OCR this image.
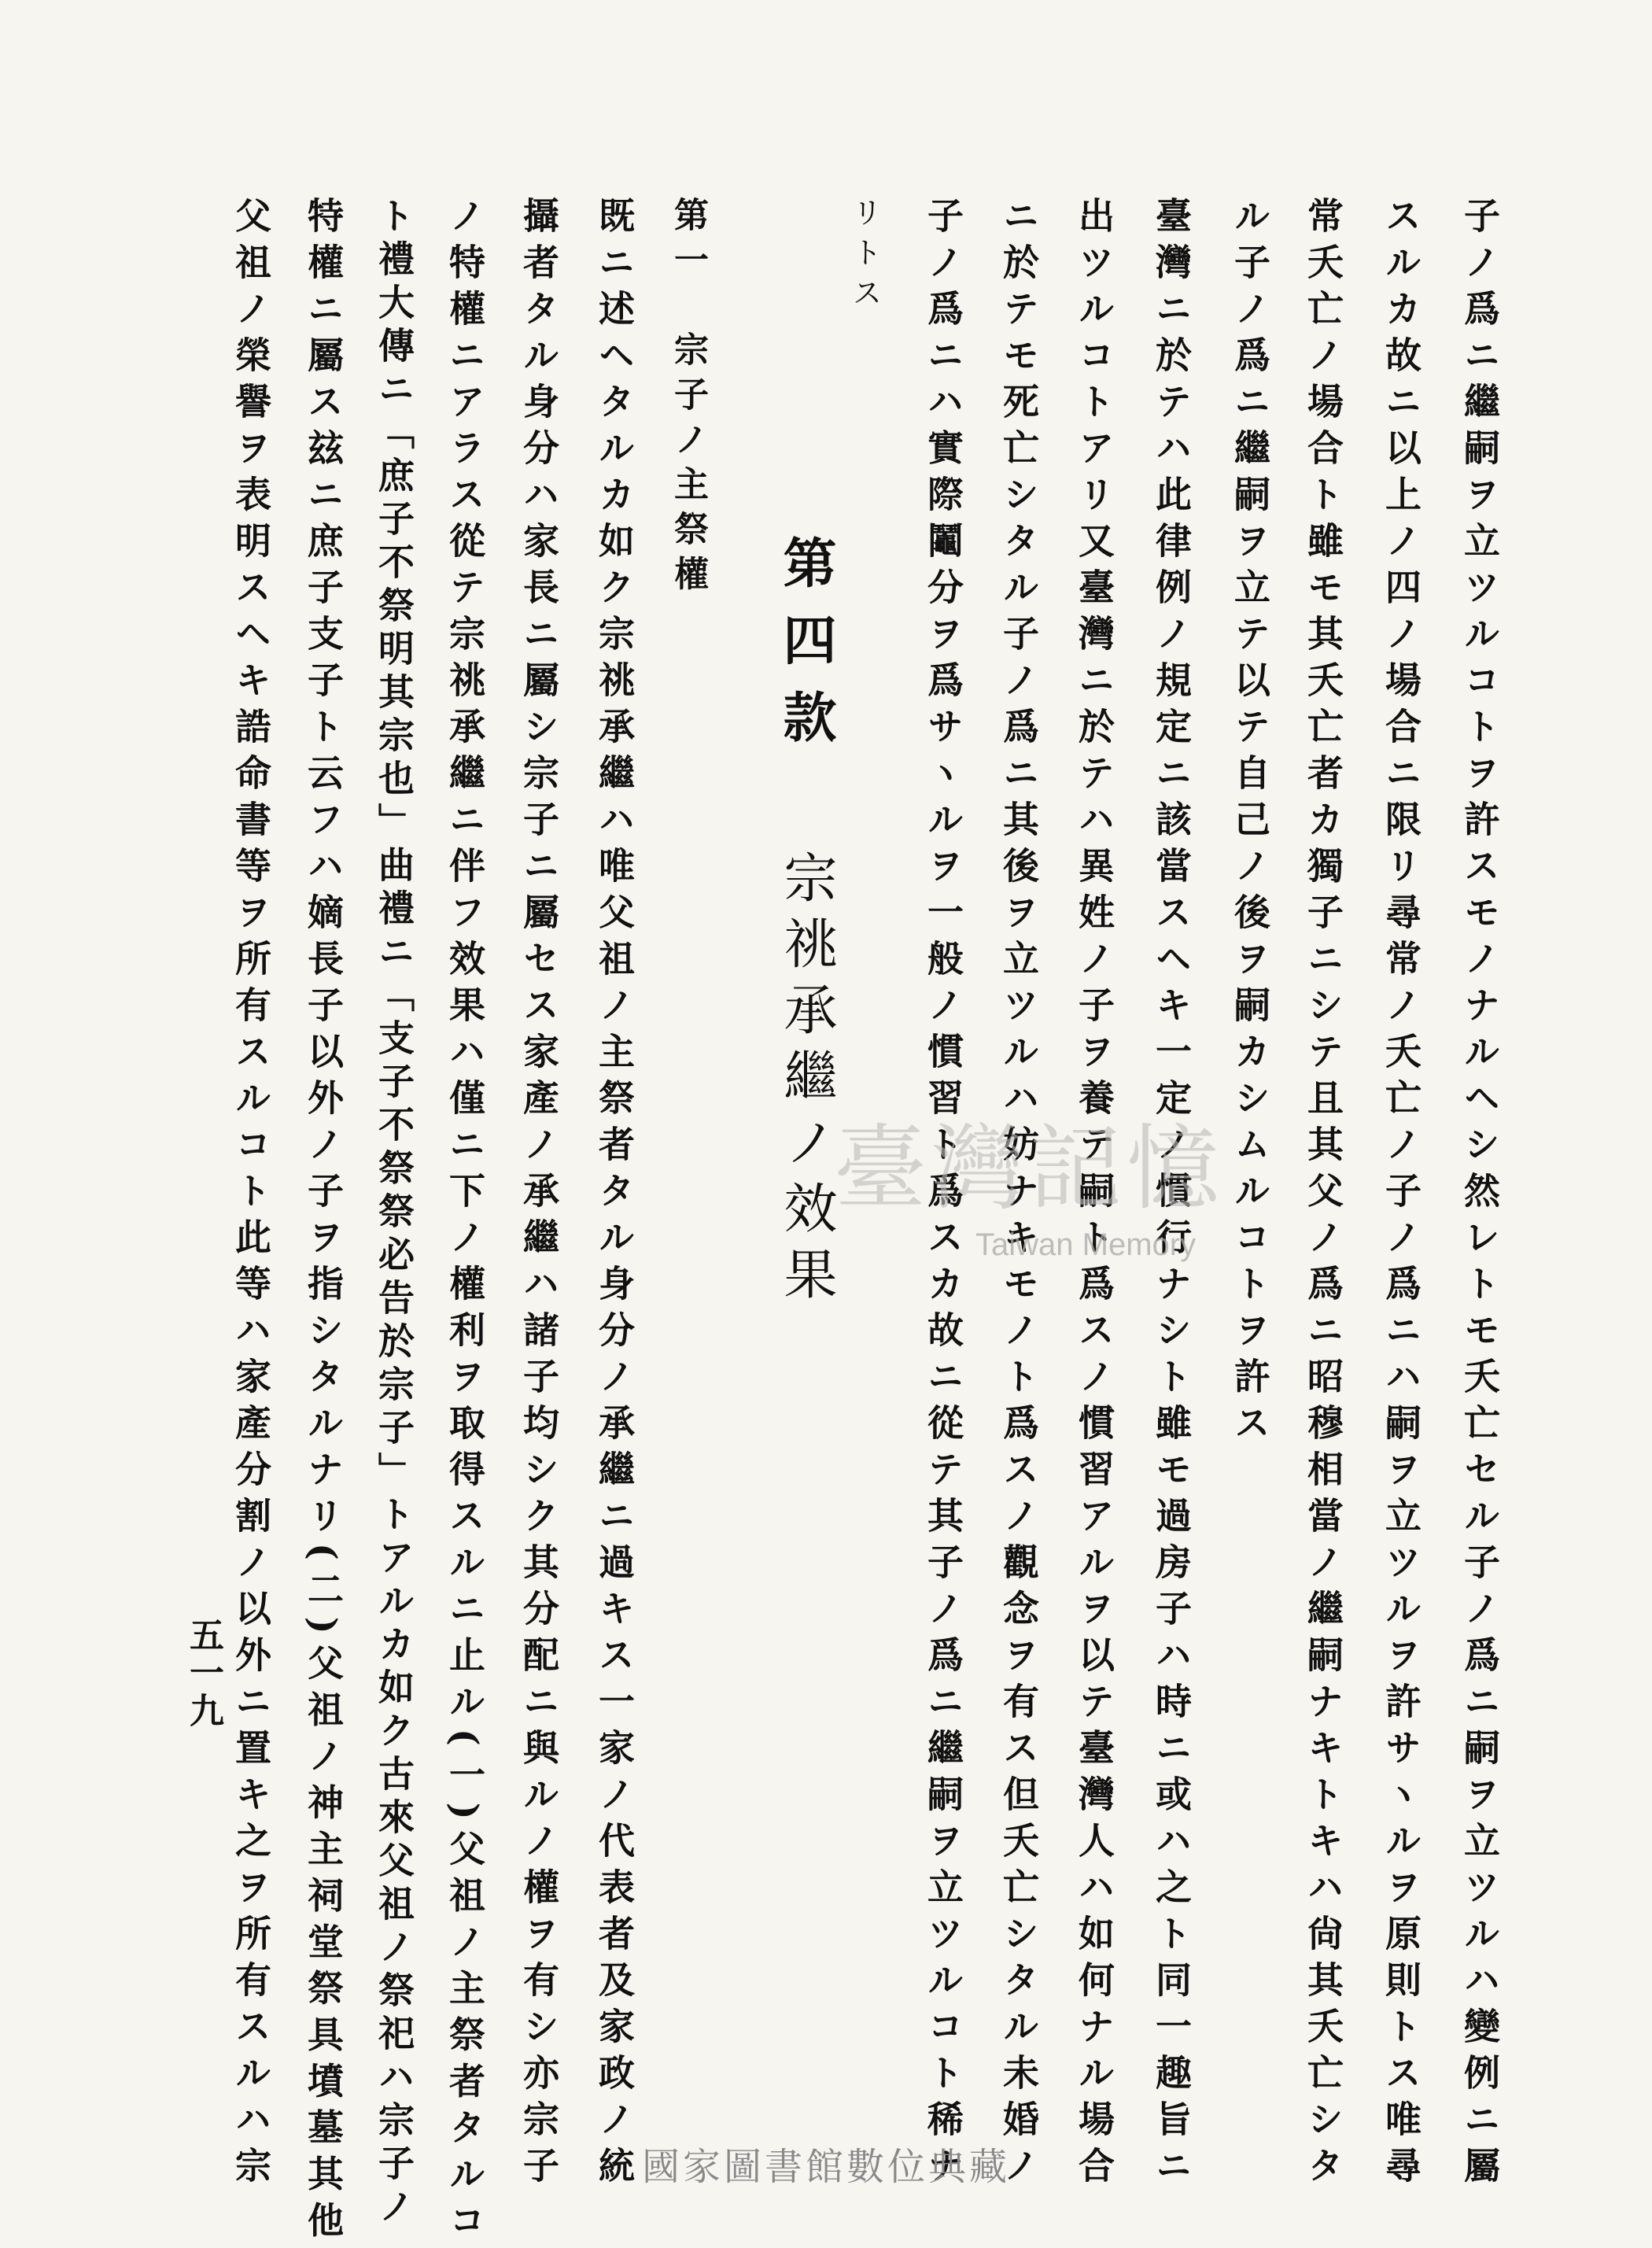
子ノ爲ニ繼嗣ヲ立ツルコトヲ許スモノナルヘシ然レトモ夭亡セル子ノ爲ニ嗣ヲ立ツルハ變例ニ屬
スルカ故ニ以上ノ四ノ場合ニ限リ尋常ノ夭亡ノ子ノ爲ニハ嗣ヲ立ツルヲ許サヽルヲ原則トス唯尋
常夭亡ノ場合ト雖モ其夭亡者カ獨子ニシテ且其父ノ爲ニ昭穆相當ノ繼嗣ナキトキハ尙其夭亡シタ
ル子ノ爲ニ繼嗣ヲ立テ以テ自己ノ後ヲ嗣カシムルコトヲ許ス
臺灣ニ於テハ此律例ノ規定ニ該當スヘキ一定ノ慣行ナシト雖モ過房子ハ時ニ或ハ之ト同一趣旨ニ
出ツルコトアリ又臺灣ニ於テハ異姓ノ子ヲ養テ嗣ト爲スノ慣習アルヲ以テ臺灣人ハ如何ナル場合
ニ於テモ死亡シタル子ノ爲ニ其後ヲ立ツルハ妨ナキモノト爲スノ觀念ヲ有ス但夭亡シタル未婚ノ
子ノ爲ニハ實際鬮分ヲ爲サヽルヲ一般ノ慣習ト爲スカ故ニ從テ其子ノ爲ニ繼嗣ヲ立ツルコト稀ナ
リトス
第四款
宗祧承繼ノ效果
第一　宗子ノ主祭權
既ニ述ヘタルカ如ク宗祧承繼ハ唯父祖ノ主祭者タル身分ノ承繼ニ過キス一家ノ代表者及家政ノ統
攝者タル身分ハ家長ニ屬シ宗子ニ屬セス家產ノ承繼ハ諸子均シク其分配ニ與ルノ權ヲ有シ亦宗子
ノ特權ニアラス從テ宗祧承繼ニ伴フ效果ハ僅ニ下ノ權利ヲ取得スルニ止ル(一)父祖ノ主祭者タルコ
ト禮大傳ニ「庶子不祭明其宗也」曲禮ニ「支子不祭祭必告於宗子」トアルカ如ク古來父祖ノ祭祀ハ宗子ノ
特權ニ屬ス玆ニ庶子支子ト云フハ嫡長子以外ノ子ヲ指シタルナリ(二)父祖ノ神主祠堂祭具墳墓其他
父祖ノ榮譽ヲ表明スヘキ誥命書等ヲ所有スルコト此等ハ家產分割ノ以外ニ置キ之ヲ所有スルハ宗
五一九
臺灣記憶
Taiwan Memory
國家圖書館數位典藏
